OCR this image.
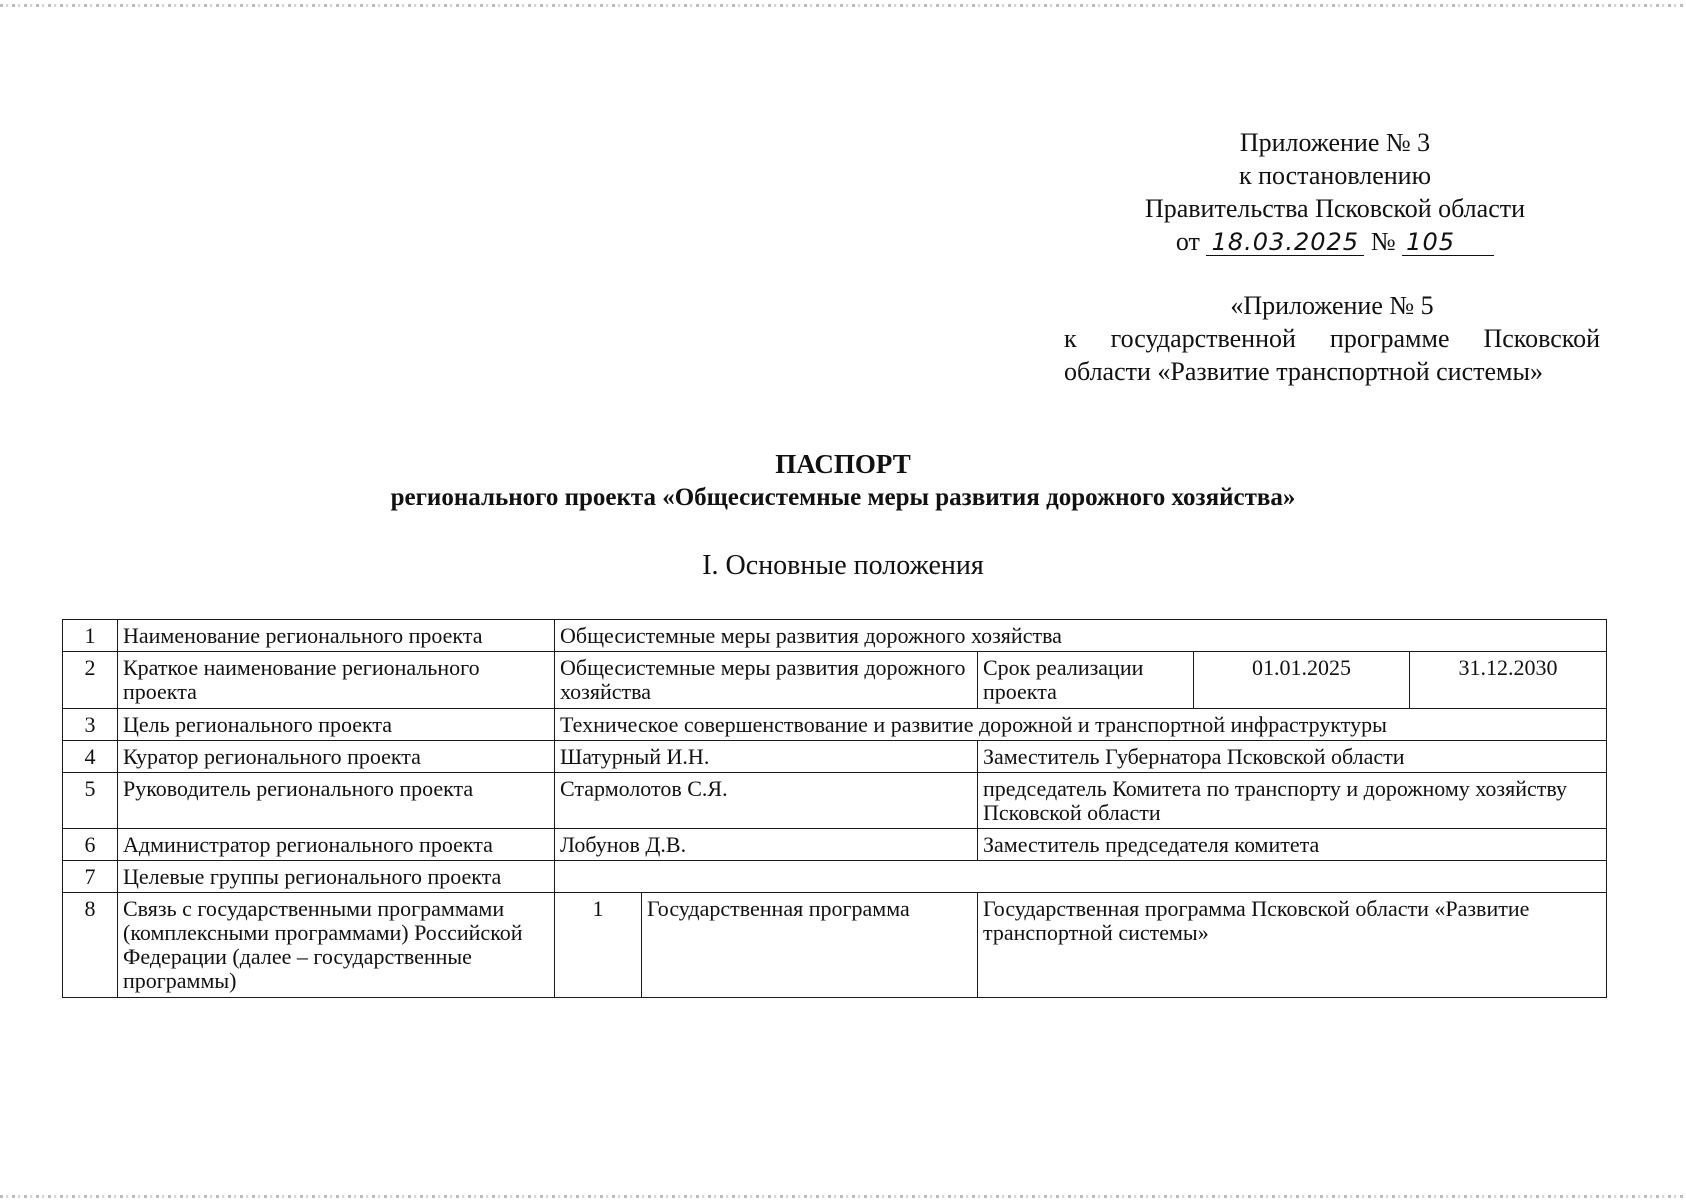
Приложение № 3
к постановлению
Правительства Псковской области
от 18.03.2025 № 105
«Приложение № 5
к государственной программе Псковской
области «Развитие транспортной системы»
ПАСПОРТ
регионального проекта «Общесистемные меры развития дорожного хозяйства»
I. Основные положения
1	Наименование регионального проекта	Общесистемные меры развития дорожного хозяйства				
2	Краткое наименование регионального проекта	Общесистемные меры развития дорожного хозяйства		Срок реализации проекта	01.01.2025	31.12.2030
3	Цель регионального проекта	Техническое совершенствование и развитие дорожной и транспортной инфраструктуры				
4	Куратор регионального проекта	Шатурный И.Н.		Заместитель Губернатора Псковской области		
5	Руководитель регионального проекта	Стармолотов С.Я.		председатель Комитета по транспорту и дорожному хозяйству Псковской области		
6	Администратор регионального проекта	Лобунов Д.В.		Заместитель председателя комитета		
7	Целевые группы регионального проекта					
8	Связь с государственными программами (комплексными программами) Российской Федерации (далее – государственные программы)	1	Государственная программа	Государственная программа Псковской области «Развитие транспортной системы»		
